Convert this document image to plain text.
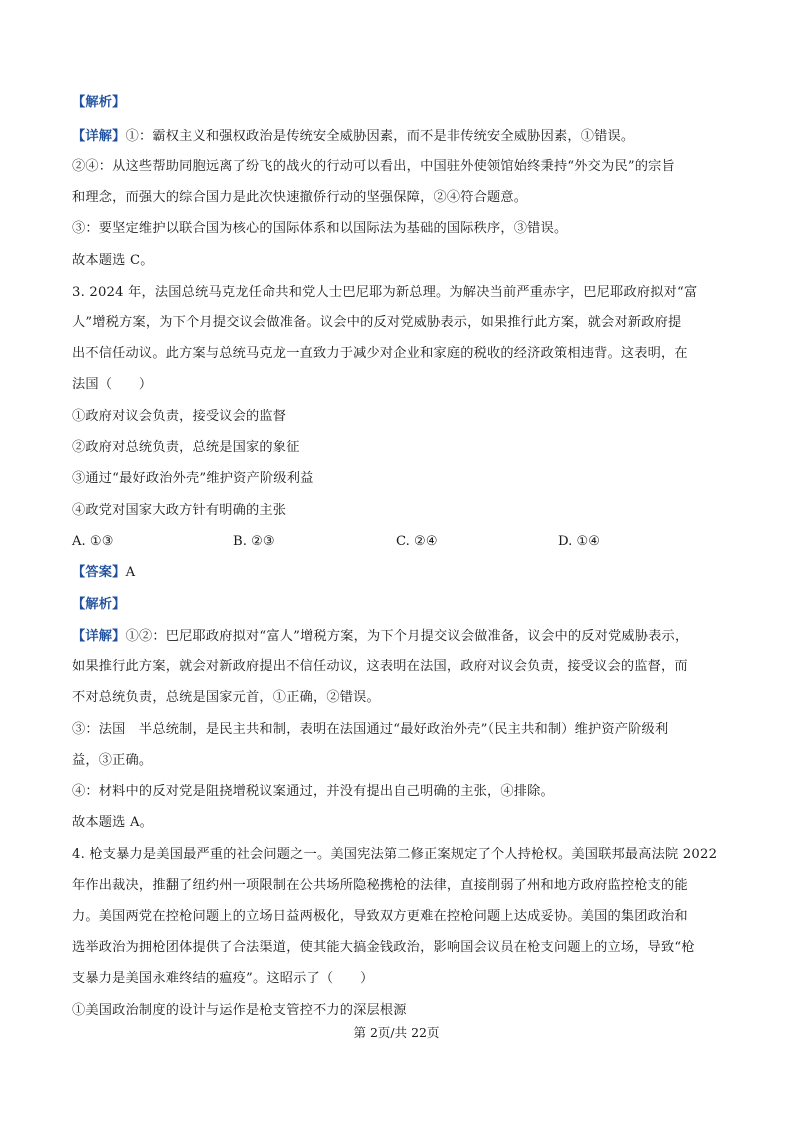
【解析】
【详解】①：霸权主义和强权政治是传统安全威胁因素，而不是非传统安全威胁因素，①错误。
②④：从这些帮助同胞远离了纷飞的战火的行动可以看出，中国驻外使领馆始终秉持“外交为民”的宗旨
和理念，而强大的综合国力是此次快速撤侨行动的坚强保障，②④符合题意。
③：要坚定维护以联合国为核心的国际体系和以国际法为基础的国际秩序，③错误。
故本题选 C。
3. 2024 年，法国总统马克龙任命共和党人士巴尼耶为新总理。为解决当前严重赤字，巴尼耶政府拟对“富
人”增税方案，为下个月提交议会做准备。议会中的反对党威胁表示，如果推行此方案，就会对新政府提
出不信任动议。此方案与总统马克龙一直致力于减少对企业和家庭的税收的经济政策相违背。这表明，在
法国（　　）
①政府对议会负责，接受议会的监督
②政府对总统负责，总统是国家的象征
③通过“最好政治外壳”维护资产阶级利益
④政党对国家大政方针有明确的主张
A. ①③	B. ②③	C. ②④	D. ①④
【答案】A
【解析】
【详解】①②：巴尼耶政府拟对“富人”增税方案，为下个月提交议会做准备，议会中的反对党威胁表示，
如果推行此方案，就会对新政府提出不信任动议，这表明在法国，政府对议会负责，接受议会的监督，而
不对总统负责，总统是国家元首，①正确，②错误。
③：法国　半总统制，是民主共和制，表明在法国通过“最好政治外壳”（民主共和制）维护资产阶级利
益，③正确。
④：材料中的反对党是阻挠增税议案通过，并没有提出自己明确的主张，④排除。
故本题选 A。
4. 枪支暴力是美国最严重的社会问题之一。美国宪法第二修正案规定了个人持枪权。美国联邦最高法院 2022
年作出裁决，推翻了纽约州一项限制在公共场所隐秘携枪的法律，直接削弱了州和地方政府监控枪支的能
力。美国两党在控枪问题上的立场日益两极化，导致双方更难在控枪问题上达成妥协。美国的集团政治和
选举政治为拥枪团体提供了合法渠道，使其能大搞金钱政治，影响国会议员在枪支问题上的立场，导致“枪
支暴力是美国永难终结的瘟疫”。这昭示了（　　）
①美国政治制度的设计与运作是枪支管控不力的深层根源
第 2页/共 22页
